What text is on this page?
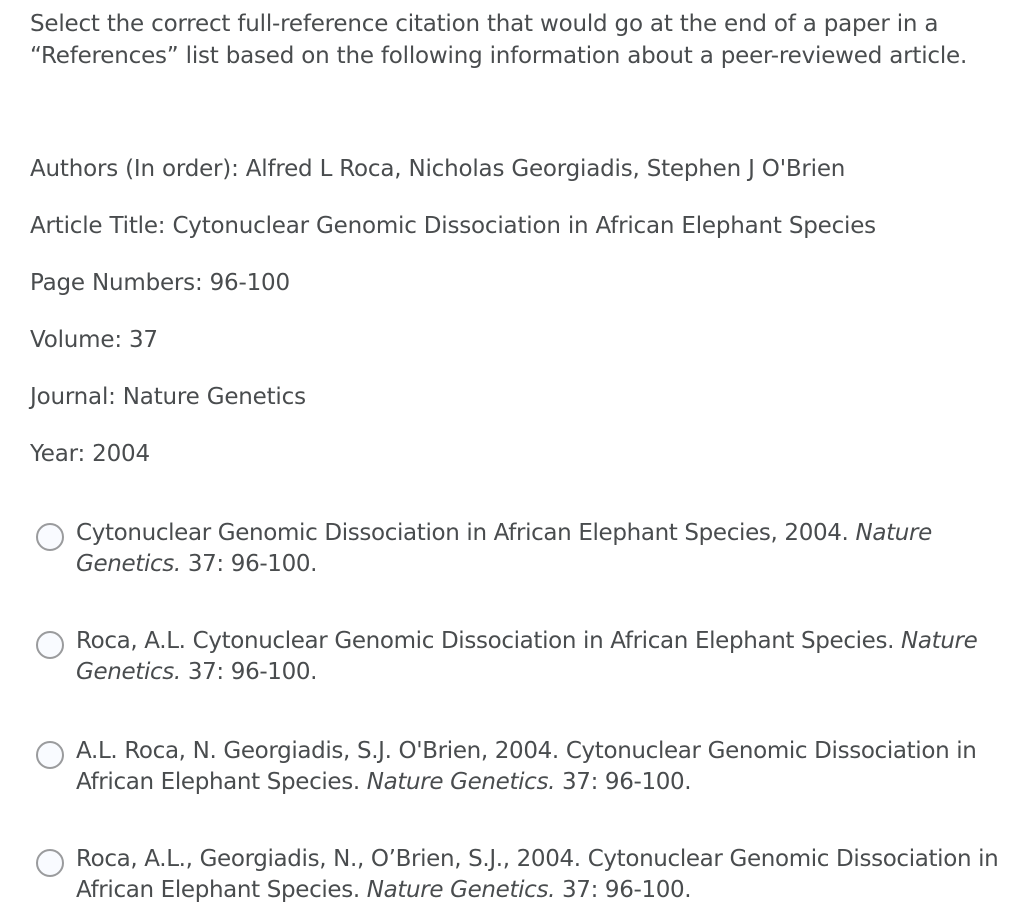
Select the correct full-reference citation that would go at the end of a paper in a “References” list based on the following information about a peer-reviewed article.
Authors (In order): Alfred L Roca, Nicholas Georgiadis, Stephen J O'Brien
Article Title: Cytonuclear Genomic Dissociation in African Elephant Species
Page Numbers: 96-100
Volume: 37
Journal: Nature Genetics
Year: 2004
Cytonuclear Genomic Dissociation in African Elephant Species, 2004. Nature Genetics. 37: 96-100.
Roca, A.L. Cytonuclear Genomic Dissociation in African Elephant Species. Nature Genetics. 37: 96-100.
A.L. Roca, N. Georgiadis, S.J. O'Brien, 2004. Cytonuclear Genomic Dissociation in African Elephant Species. Nature Genetics. 37: 96-100.
Roca, A.L., Georgiadis, N., O’Brien, S.J., 2004. Cytonuclear Genomic Dissociation in African Elephant Species. Nature Genetics. 37: 96-100.
